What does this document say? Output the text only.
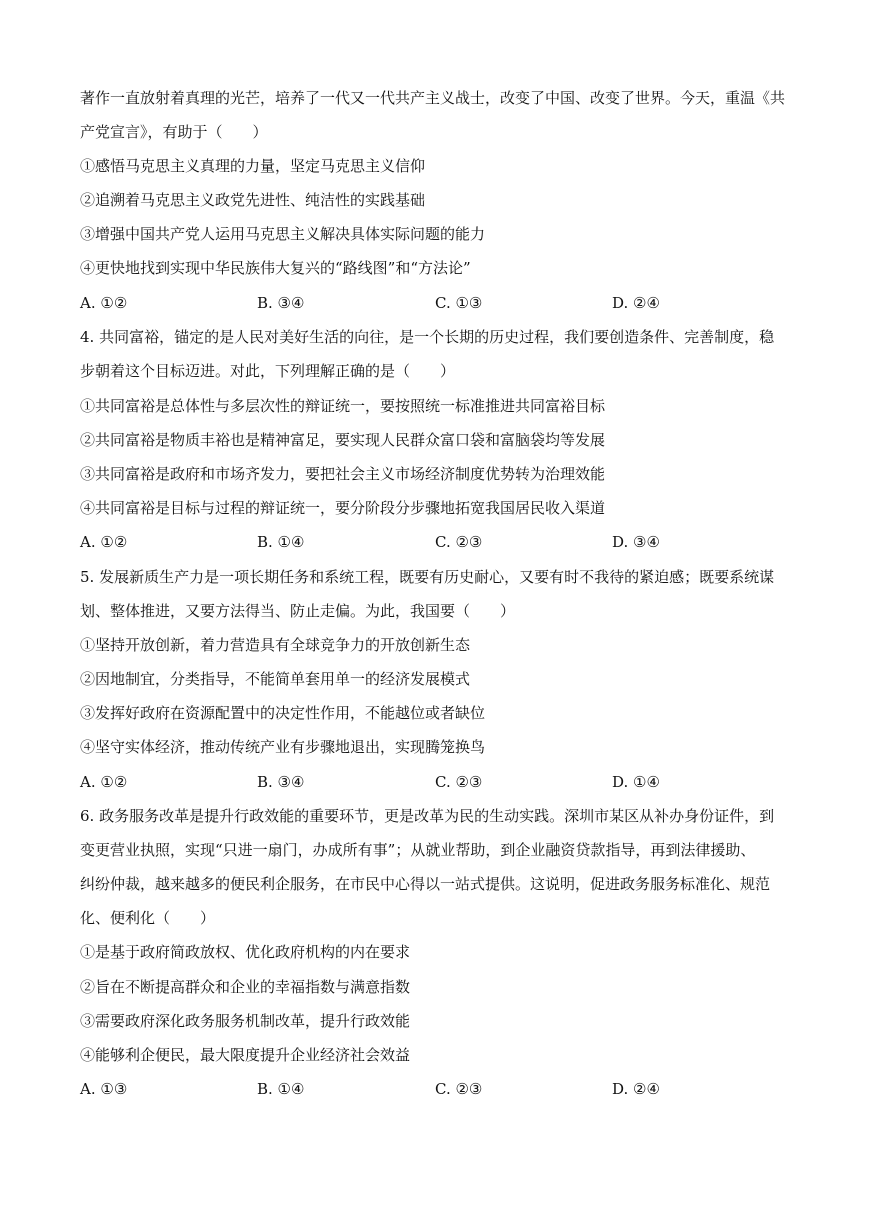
著作一直放射着真理的光芒，培养了一代又一代共产主义战士，改变了中国、改变了世界。今天，重温《共
产党宣言》，有助于（　　）
①感悟马克思主义真理的力量，坚定马克思主义信仰
②追溯着马克思主义政党先进性、纯洁性的实践基础
③增强中国共产党人运用马克思主义解决具体实际问题的能力
④更快地找到实现中华民族伟大复兴的“路线图”和“方法论”
A. ①②	B. ③④	C. ①③	D. ②④
4. 共同富裕，锚定的是人民对美好生活的向往，是一个长期的历史过程，我们要创造条件、完善制度，稳
步朝着这个目标迈进。对此，下列理解正确的是（　　）
①共同富裕是总体性与多层次性的辩证统一，要按照统一标准推进共同富裕目标
②共同富裕是物质丰裕也是精神富足，要实现人民群众富口袋和富脑袋均等发展
③共同富裕是政府和市场齐发力，要把社会主义市场经济制度优势转为治理效能
④共同富裕是目标与过程的辩证统一，要分阶段分步骤地拓宽我国居民收入渠道
A. ①②	B. ①④	C. ②③	D. ③④
5. 发展新质生产力是一项长期任务和系统工程，既要有历史耐心，又要有时不我待的紧迫感；既要系统谋
划、整体推进，又要方法得当、防止走偏。为此，我国要（　　）
①坚持开放创新，着力营造具有全球竞争力的开放创新生态
②因地制宜，分类指导，不能简单套用单一的经济发展模式
③发挥好政府在资源配置中的决定性作用，不能越位或者缺位
④坚守实体经济，推动传统产业有步骤地退出，实现腾笼换鸟
A. ①②	B. ③④	C. ②③	D. ①④
6. 政务服务改革是提升行政效能的重要环节，更是改革为民的生动实践。深圳市某区从补办身份证件，到
变更营业执照，实现“只进一扇门，办成所有事”；从就业帮助，到企业融资贷款指导，再到法律援助、
纠纷仲裁，越来越多的便民利企服务，在市民中心得以一站式提供。这说明，促进政务服务标准化、规范
化、便利化（　　）
①是基于政府简政放权、优化政府机构的内在要求
②旨在不断提高群众和企业的幸福指数与满意指数
③需要政府深化政务服务机制改革，提升行政效能
④能够利企便民，最大限度提升企业经济社会效益
A. ①③	B. ①④	C. ②③	D. ②④
